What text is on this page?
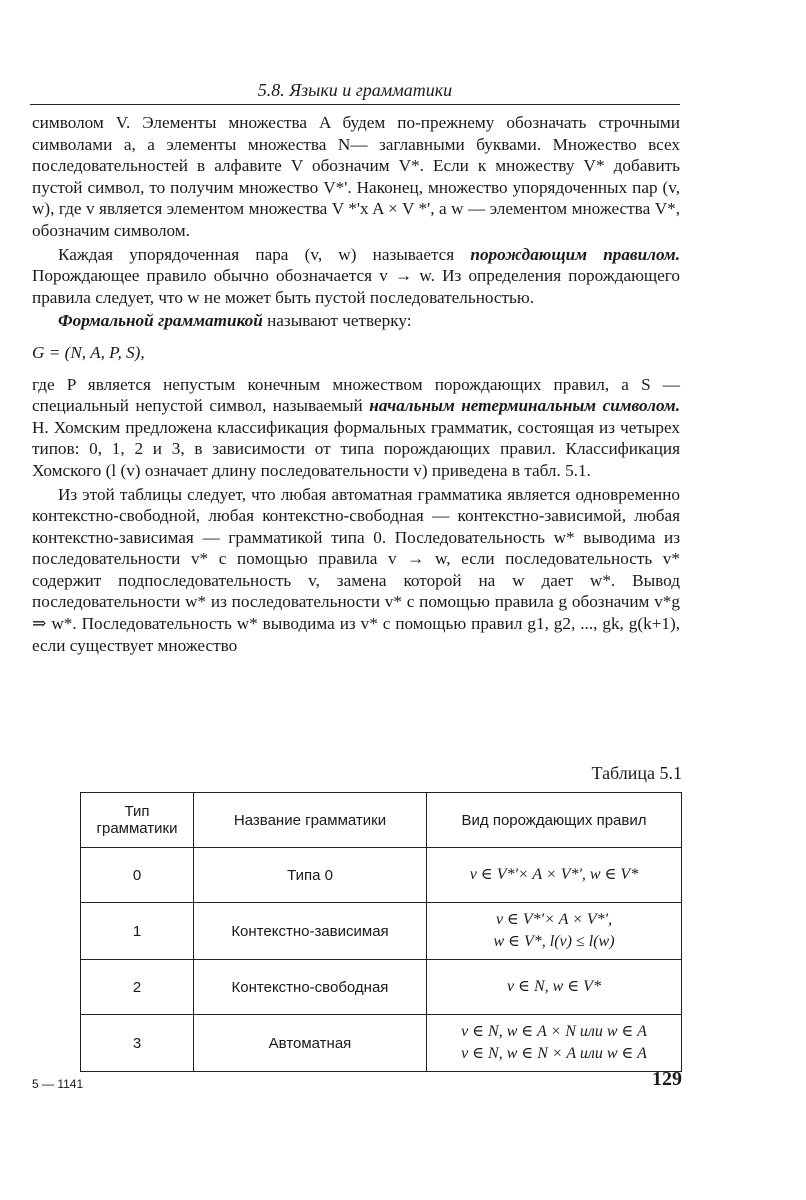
5.8. Языки и грамматики

символом V. Элементы множества A будем по-прежнему обозначать строчными символами a, а элементы множества N— заглавными буквами. Множество всех последовательностей в алфавите V обозначим V*. Если к множеству V* добавить пустой символ, то получим множество V*'. Наконец, множество упорядоченных пар (v, w), где v является элементом множества V *'x A × V *', а w — элементом множества V*, обозначим символом.

Каждая упорядоченная пара (v, w) называется порождающим правилом. Порождающее правило обычно обозначается v → w. Из определения порождающего правила следует, что w не может быть пустой последовательностью.

Формальной грамматикой называют четверку:

G = (N, A, P, S),

где P является непустым конечным множеством порождающих правил, а S — специальный непустой символ, называемый начальным нетерминальным символом. Н. Хомским предложена классификация формальных грамматик, состоящая из четырех типов: 0, 1, 2 и 3, в зависимости от типа порождающих правил. Классификация Хомского (l (v) означает длину последовательности v) приведена в табл. 5.1.

Из этой таблицы следует, что любая автоматная грамматика является одновременно контекстно-свободной, любая контекстно-свободная — контекстно-зависимой, любая контекстно-зависимая — грамматикой типа 0. Последовательность w* выводима из последовательности v* с помощью правила v → w, если последовательность v* содержит подпоследовательность v, замена которой на w дает w*. Вывод последовательности w* из последовательности v* с помощью правила g обозначим v*g ⇒ w*. Последовательность w* выводима из v* с помощью правил g1, g2, ..., gk, g(k+1), если существует множество

Таблица 5.1
Тип грамматики	Название грамматики	Вид порождающих правил
0	Типа 0	v ∈ V*'× A × V*', w ∈ V*

1	Контекстно-зависимая	v ∈ V*'× A × V*',
w ∈ V*, l(v) ≤ l(w)

2	Контекстно-свободная	v ∈ N, w ∈ V*

3	Автоматная	v ∈ N, w ∈ A × N или w ∈ A
v ∈ N, w ∈ N × A или w ∈ A
5 — 1141	129
